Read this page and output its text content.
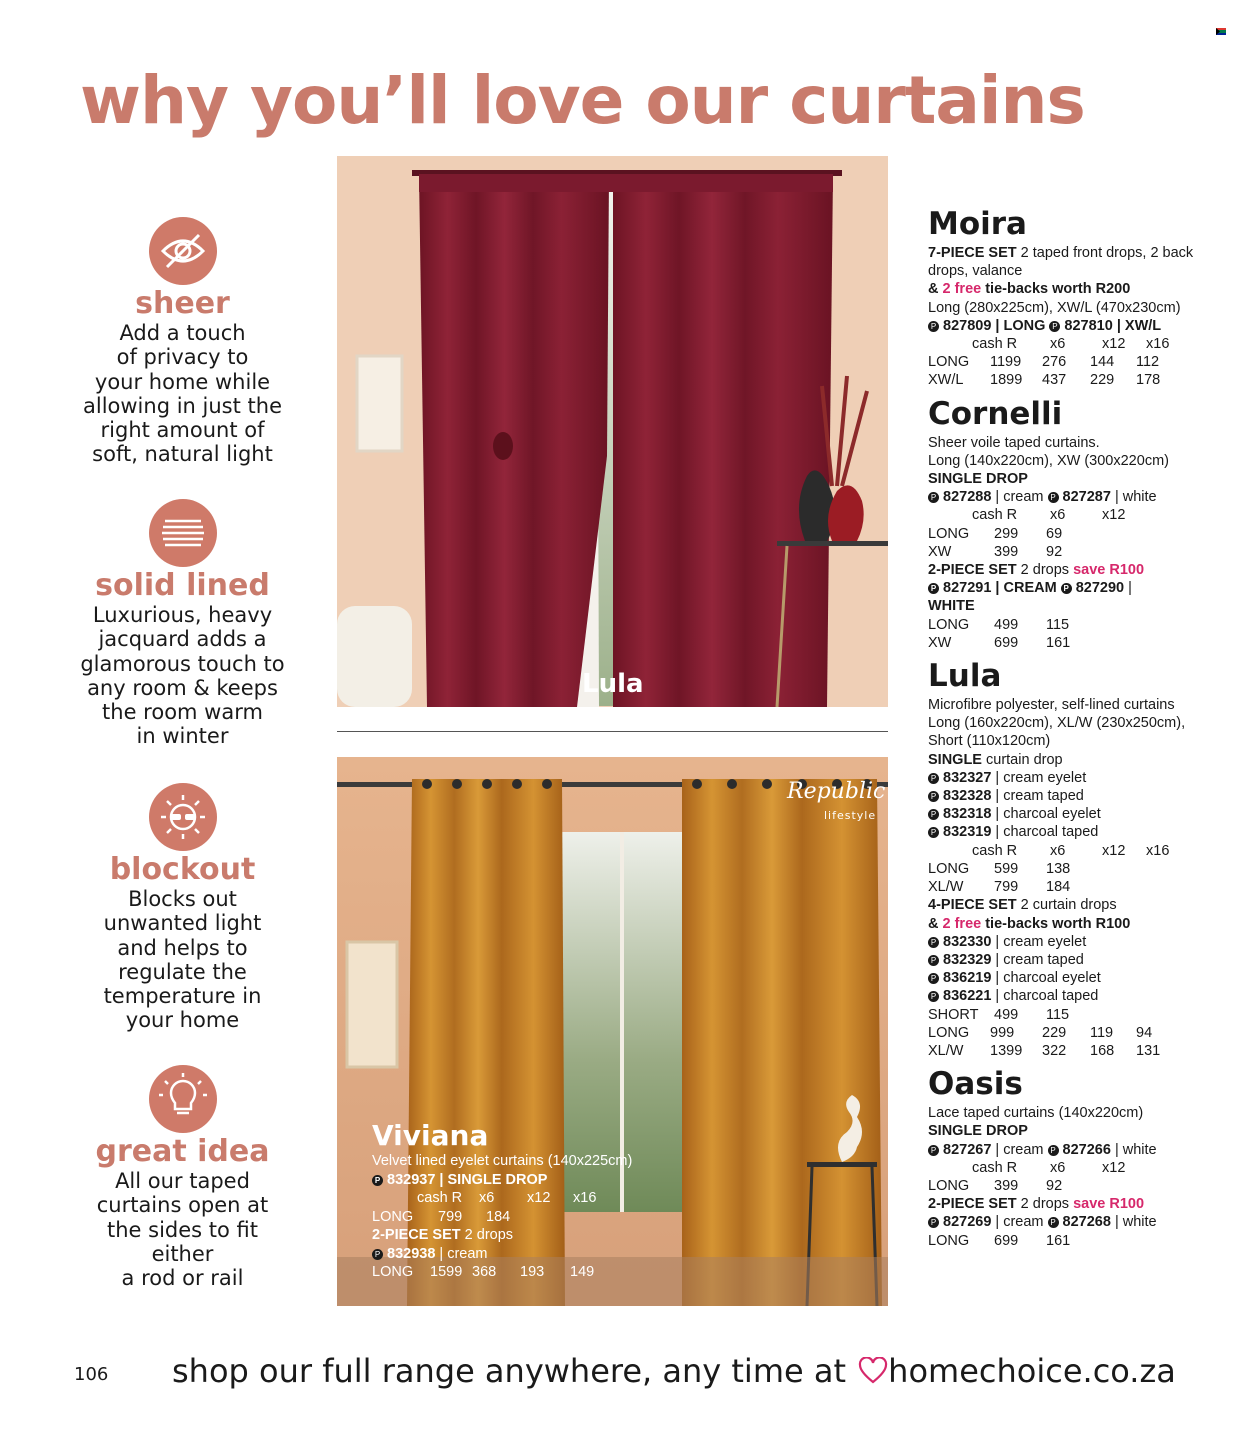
why you’ll love our curtains
sheer
Add a touch
of privacy to
your home while
allowing in just the
right amount of
soft, natural light
solid lined
Luxurious, heavy
jacquard adds a
glamorous touch to
any room & keeps
the room warm
in winter
blockout
Blocks out
unwanted light
and helps to
regulate the
temperature in
your home
great idea
All our taped
curtains open at
the sides to fit
either
a rod or rail
Lula
Republic
lifestyle
Viviana
Velvet lined eyelet curtains (140x225cm)
P 832937 | SINGLE DROP
cash R	x6	x12	x16
LONG	799	184
2-PIECE SET 2 drops
P 832938 | cream
LONG	1599 368	193	149
Moira
7-PIECE SET 2 taped front drops, 2 back
drops, valance
& 2 free tie-backs worth R200
Long (280x225cm), XW/L (470x230cm)
P 827809 | LONG P 827810 | XW/L
cash R	x6	x12	x16
LONG	1199	276	144	112
XW/L	1899	437	229	178
Cornelli
Sheer voile taped curtains.
Long (140x220cm), XW (300x220cm)
SINGLE DROP
P 827288 | cream P 827287 | white
cash R	x6	x12
LONG	299	69
XW	399	92
2-PIECE SET 2 drops save R100
P 827291 | CREAM P 827290 |
WHITE
LONG	499	115
XW	699	161
Lula
Microfibre polyester, self-lined curtains
Long (160x220cm), XL/W (230x250cm),
Short (110x120cm)
SINGLE curtain drop
P 832327 | cream eyelet
P 832328 | cream taped
P 832318 | charcoal eyelet
P 832319 | charcoal taped
cash R	x6	x12	x16
LONG	599	138
XL/W	799	184
4-PIECE SET 2 curtain drops
& 2 free tie-backs worth R100
P 832330 | cream eyelet
P 832329 | cream taped
P 836219 | charcoal eyelet
P 836221 | charcoal taped
SHORT	499	115
LONG	999	229	119	94
XL/W	1399	322	168	131
Oasis
Lace taped curtains (140x220cm)
SINGLE DROP
P 827267 | cream P 827266 | white
cash R	x6	x12
LONG	399	92
2-PIECE SET 2 drops save R100
P 827269 | cream P 827268 | white
LONG	699	161
106 shop our full range anywhere, any time at homechoice.co.za
